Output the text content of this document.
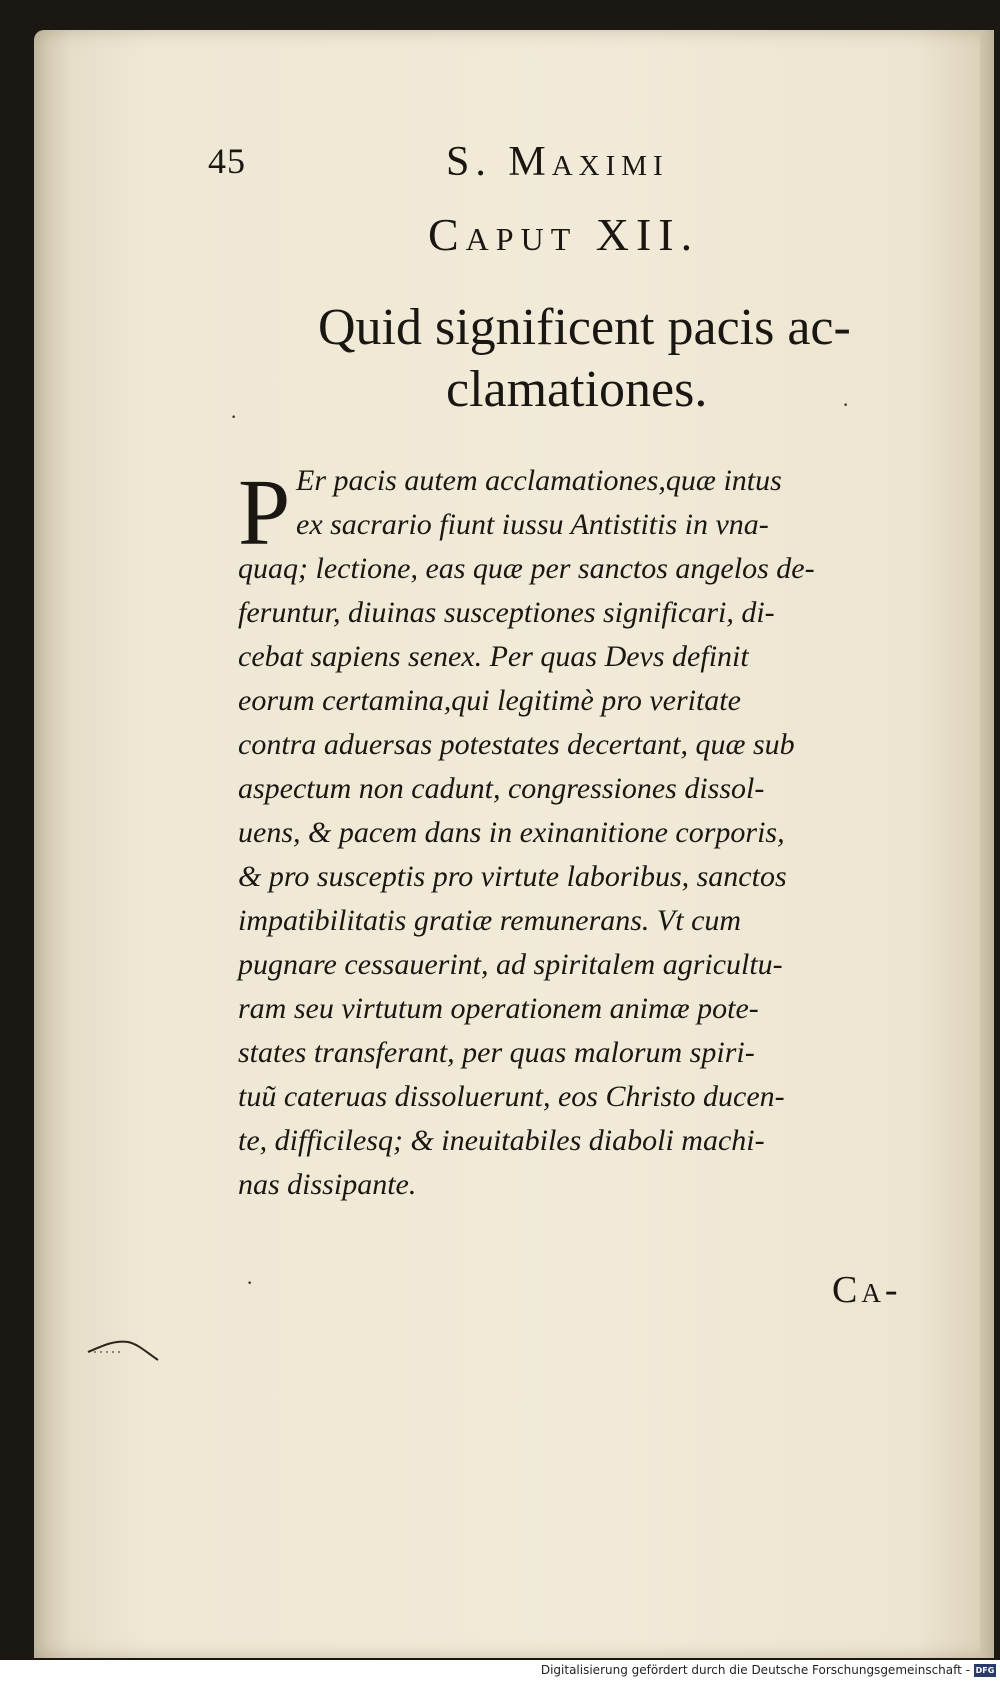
45	S. Maximi
Caput XII.
Quid significent pacis ac-
clamationes.
P Er pacis autem acclamationes,quæ intus
ex sacrario fiunt iussu Antistitis in vna-
quaq; lectione, eas quæ per sanctos angelos de-
feruntur, diuinas susceptiones significari, di-
cebat sapiens senex. Per quas Devs definit
eorum certamina,qui legitimè pro veritate
contra aduersas potestates decertant, quæ sub
aspectum non cadunt, congressiones dissol-
uens, & pacem dans in exinanitione corporis,
& pro susceptis pro virtute laboribus, sanctos
impatibilitatis gratiæ remunerans. Vt cum
pugnare cessauerint, ad spiritalem agricultu-
ram seu virtutum operationem animæ pote-
states transferant, per quas malorum spiri-
tuũ cateruas dissoluerunt, eos Christo ducen-
te, difficilesq; & ineuitabiles diaboli machi-
nas dissipante.
Ca-
·
·
·
Digitalisierung gefördert durch die Deutsche Forschungsgemeinschaft - DFG
